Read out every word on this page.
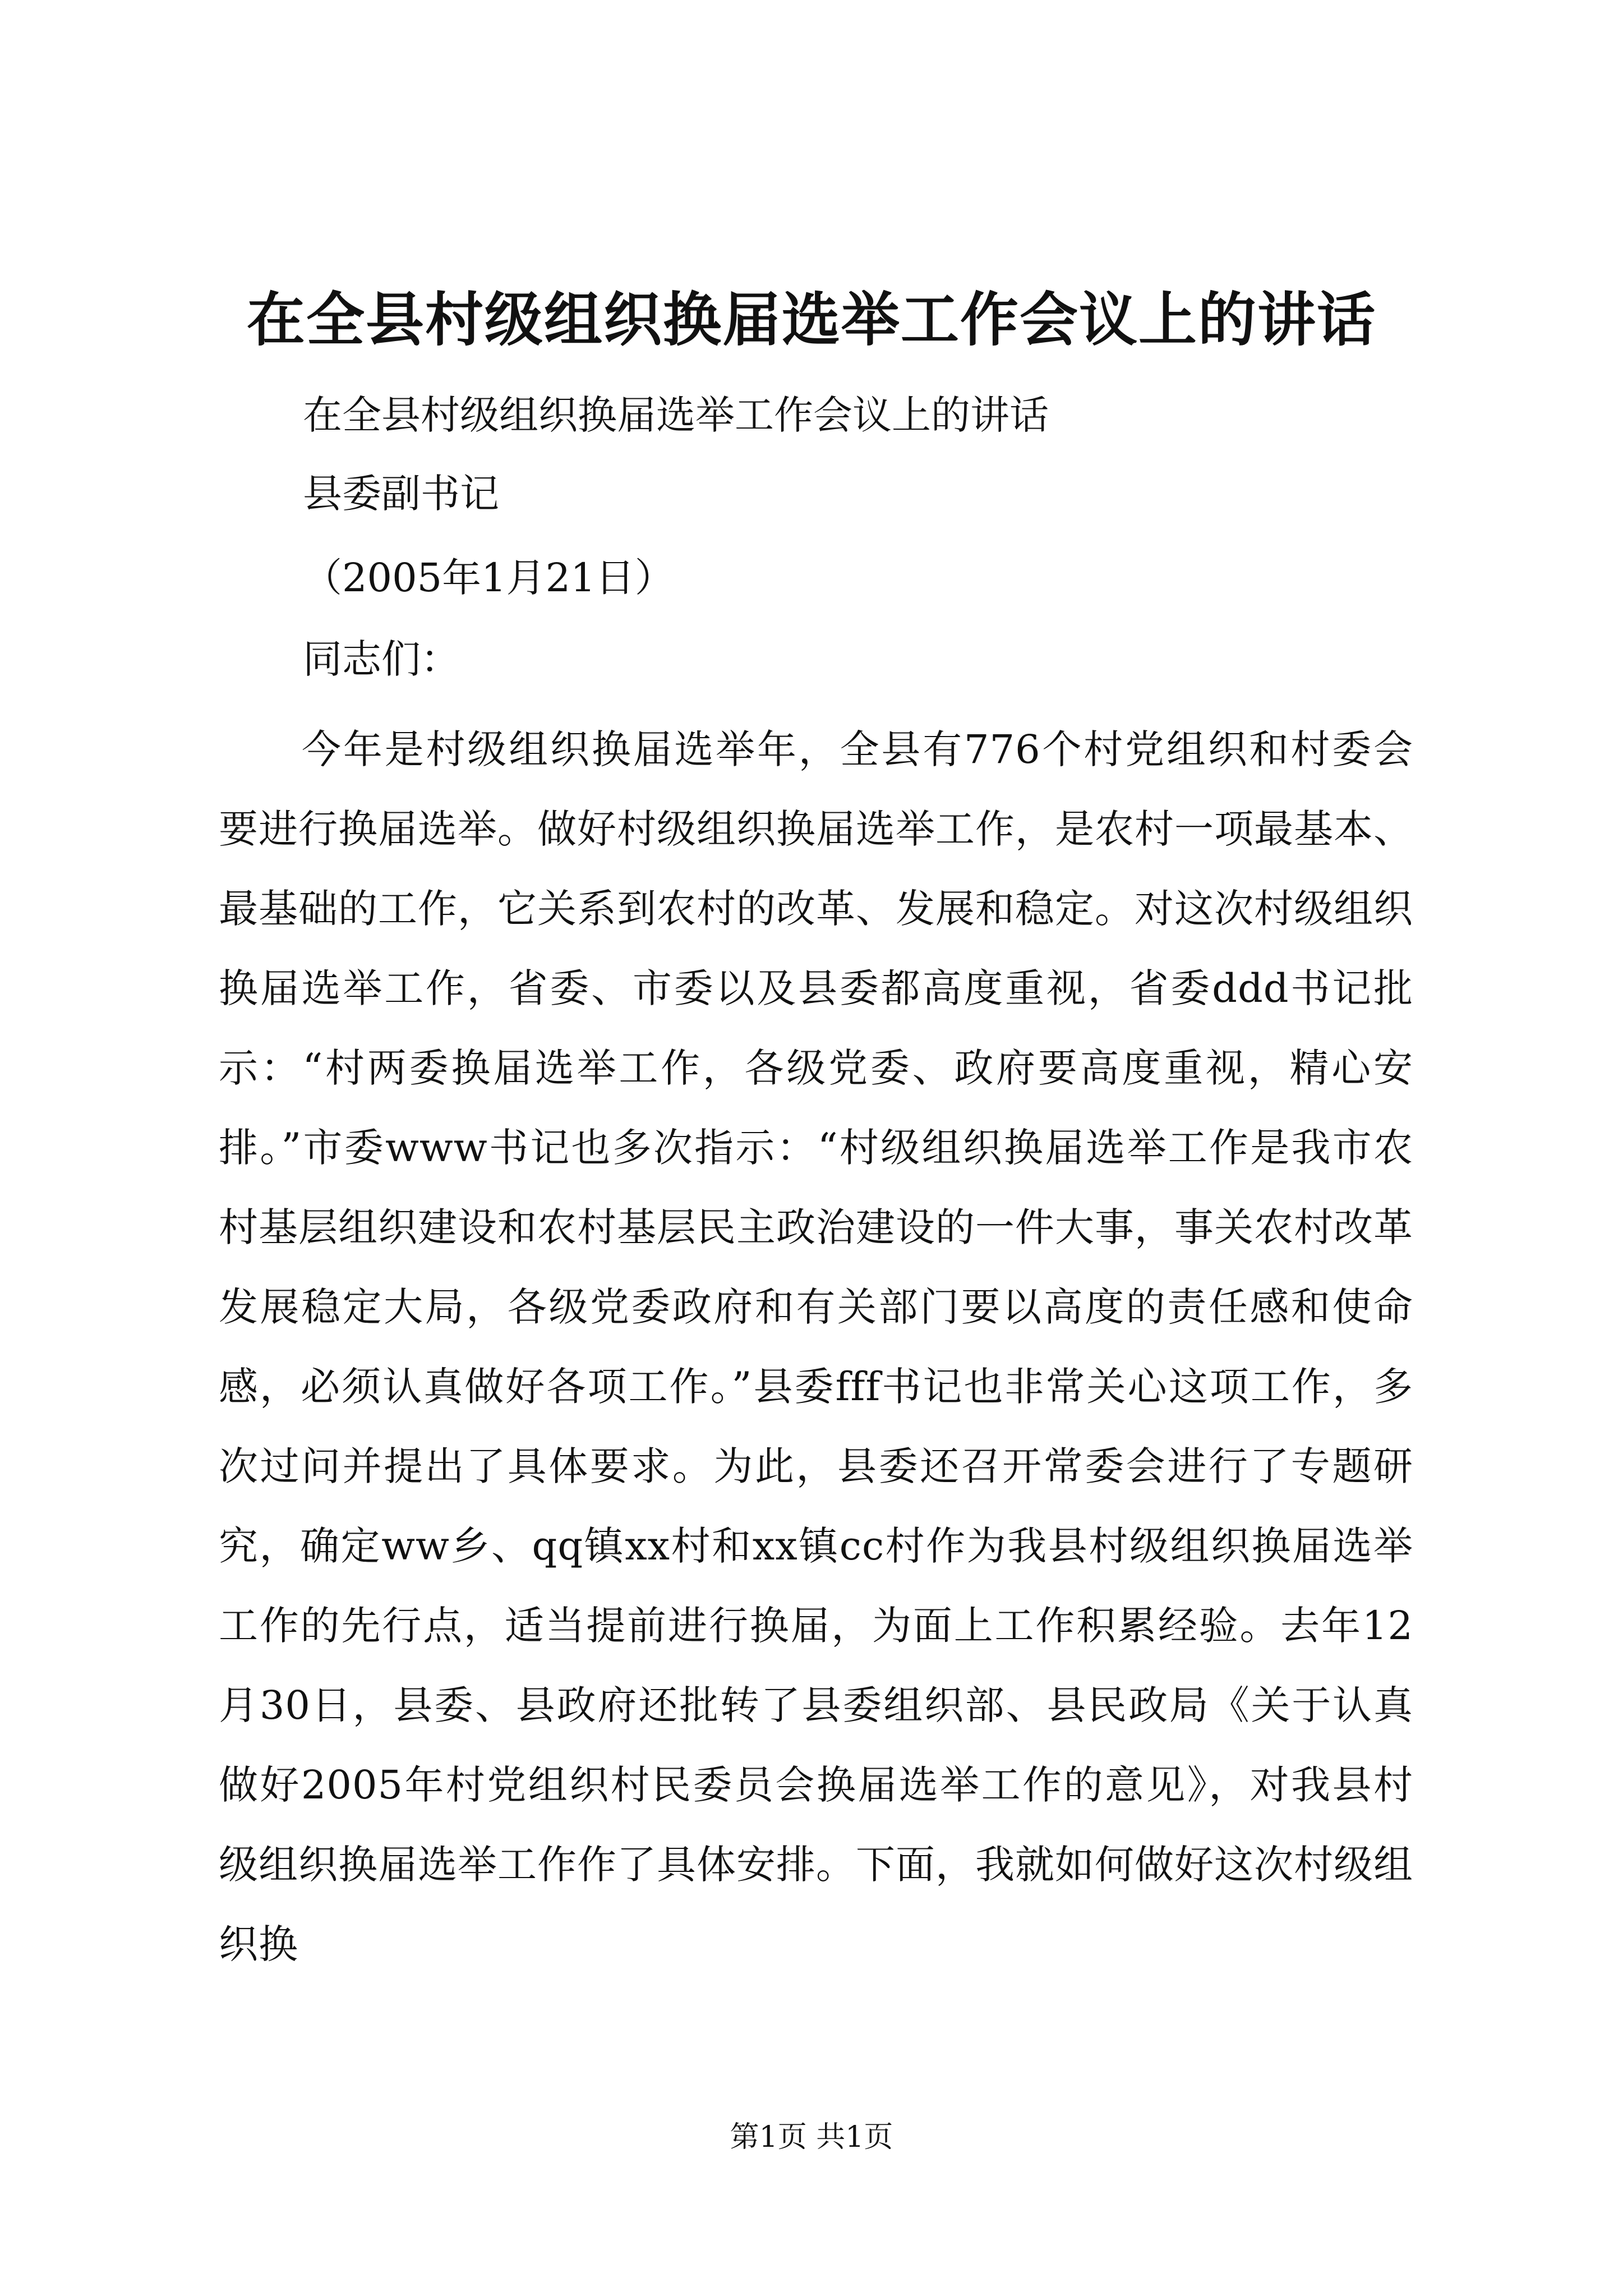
在全县村级组织换届选举工作会议上的讲话
在全县村级组织换届选举工作会议上的讲话
县委副书记
（2005年1月21日）
同志们：

今年是村级组织换届选举年，全县有776个村党组织和村委会要进行换届选举。做好村级组织换届选举工作，是农村一项最基本、最基础的工作，它关系到农村的改革、发展和稳定。对这次村级组织换届选举工作，省委、市委以及县委都高度重视，省委ddd书记批示：“村两委换届选举工作，各级党委、政府要高度重视，精心安排。”市委www书记也多次指示：“村级组织换届选举工作是我市农村基层组织建设和农村基层民主政治建设的一件大事，事关农村改革发展稳定大局，各级党委政府和有关部门要以高度的责任感和使命感，必须认真做好各项工作。”县委fff书记也非常关心这项工作，多次过问并提出了具体要求。为此，县委还召开常委会进行了专题研究，确定ww乡、qq镇xx村和xx镇cc村作为我县村级组织换届选举工作的先行点，适当提前进行换届，为面上工作积累经验。去年12月30日，县委、县政府还批转了县委组织部、县民政局《关于认真做好2005年村党组织村民委员会换届选举工作的意见》，对我县村级组织换届选举工作作了具体安排。下面，我就如何做好这次村级组织换

第1页 共1页
